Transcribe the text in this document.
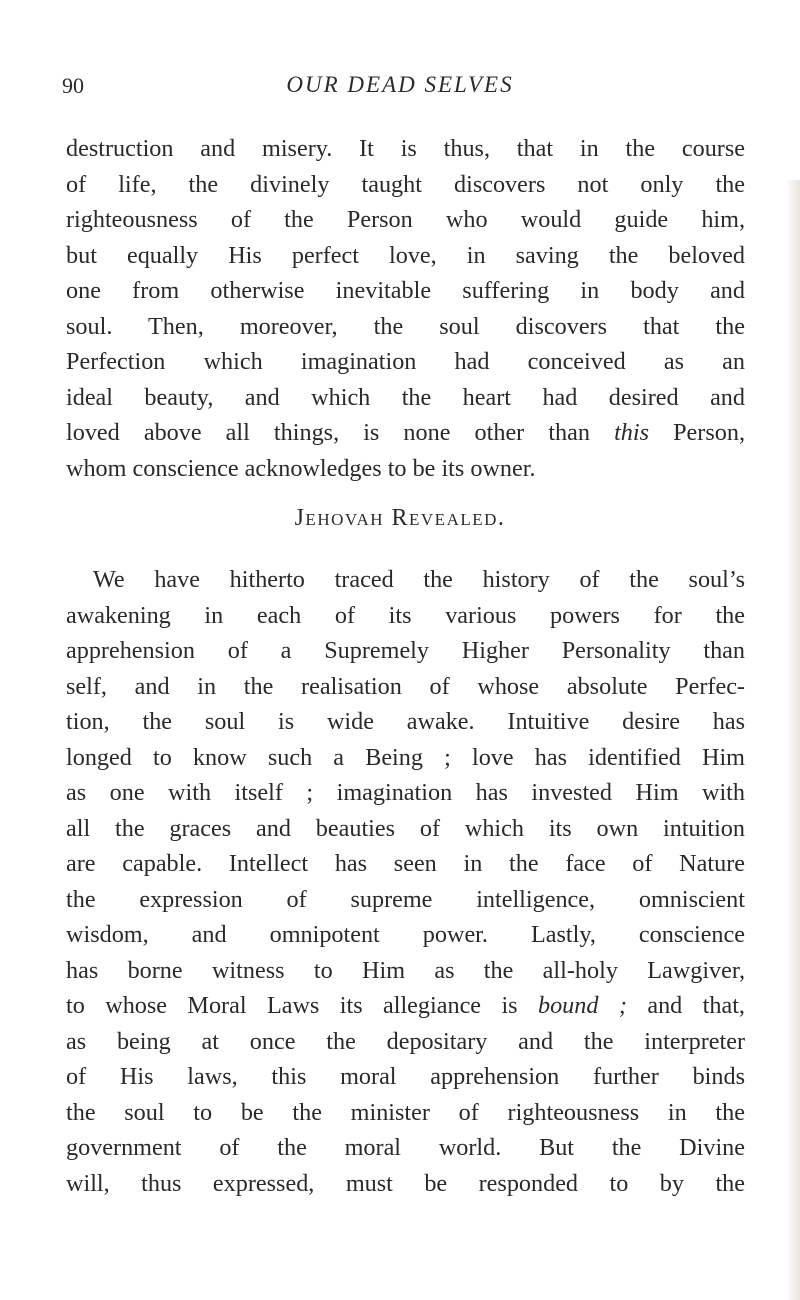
90	OUR DEAD SELVES
destruction and misery. It is thus, that in the course
of life, the divinely taught discovers not only the
righteousness of the Person who would guide him,
but equally His perfect love, in saving the beloved
one from otherwise inevitable suffering in body and
soul. Then, moreover, the soul discovers that the
Perfection which imagination had conceived as an
ideal beauty, and which the heart had desired and
loved above all things, is none other than this Person,
whom conscience acknowledges to be its owner.
Jehovah Revealed.
We have hitherto traced the history of the soul’s
awakening in each of its various powers for the
apprehension of a Supremely Higher Personality than
self, and in the realisation of whose absolute Perfec-
tion, the soul is wide awake. Intuitive desire has
longed to know such a Being ; love has identified Him
as one with itself ; imagination has invested Him with
all the graces and beauties of which its own intuition
are capable. Intellect has seen in the face of Nature
the expression of supreme intelligence, omniscient
wisdom, and omnipotent power. Lastly, conscience
has borne witness to Him as the all-holy Lawgiver,
to whose Moral Laws its allegiance is bound ; and that,
as being at once the depositary and the interpreter
of His laws, this moral apprehension further binds
the soul to be the minister of righteousness in the
government of the moral world. But the Divine
will, thus expressed, must be responded to by the
